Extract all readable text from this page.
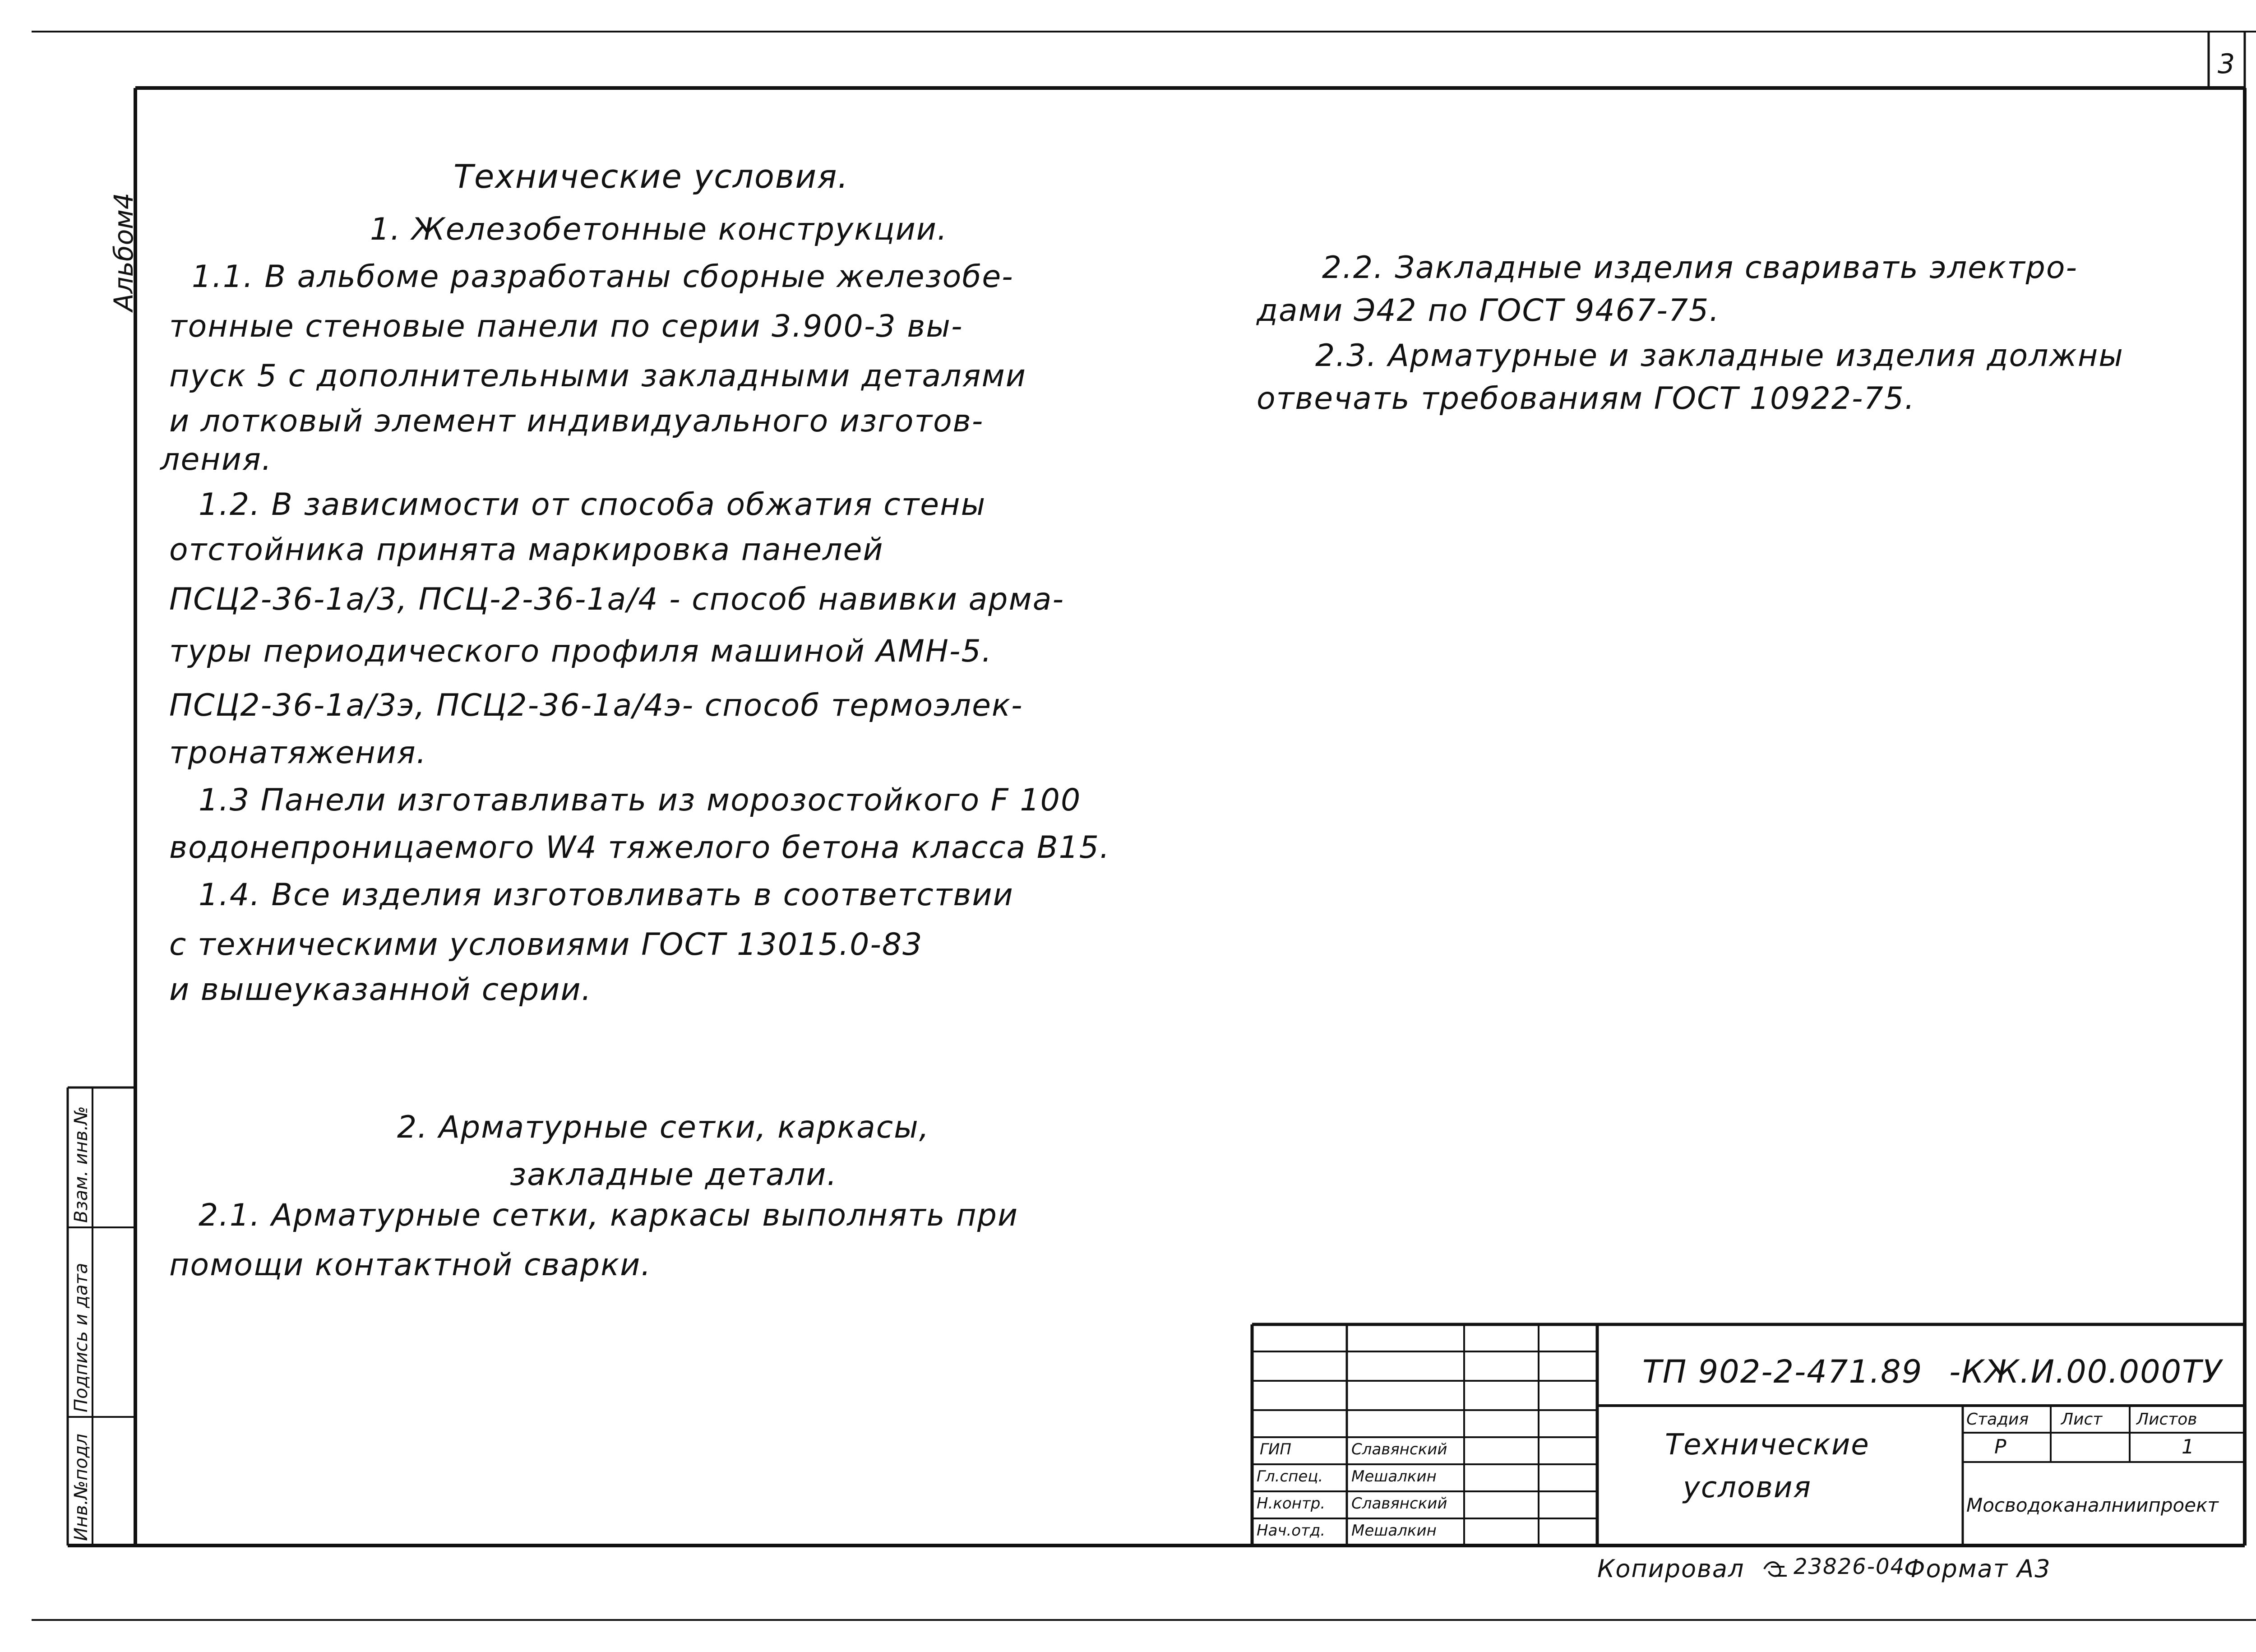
3
Альбом4
Технические условия.
1. Железобетонные конструкции.
1.1. В альбоме разработаны сборные железобе-
тонные стеновые панели по серии 3.900-3 вы-
пуск 5 с дополнительными закладными деталями
и лотковый элемент индивидуального изготов-
ления.
1.2. В зависимости от способа обжатия стены
отстойника принята маркировка панелей
ПСЦ2-36-1а/3, ПСЦ-2-36-1а/4 - способ навивки арма-
туры периодического профиля машиной АМН-5.
ПСЦ2-36-1а/3э, ПСЦ2-36-1а/4э- способ термоэлек-
тронатяжения.
1.3 Панели изготавливать из морозостойкого F 100
водонепроницаемого W4 тяжелого бетона класса В15.
1.4. Все изделия изготовливать в соответствии
с техническими условиями ГОСТ 13015.0-83
и вышеуказанной серии.
2. Арматурные сетки, каркасы,
закладные детали.
2.1. Арматурные сетки, каркасы выполнять при
помощи контактной сварки.
2.2. Закладные изделия сваривать электро-
дами Э42 по ГОСТ 9467-75.
2.3. Арматурные и закладные изделия должны
отвечать требованиям ГОСТ 10922-75.
Инв.№подл
Подпись и дата
Взам. инв.№
ТП 902-2-471.89 -КЖ.И.00.000ТУ
Технические
условия
Стадия Лист Листов
Р	1
Мосводоканалниипроект
ГИП	Славянский
Гл.спец. Мешалкин
Н.контр. Славянский
Нач.отд. Мешалкин
Копировал 23826-04
Формат А3
